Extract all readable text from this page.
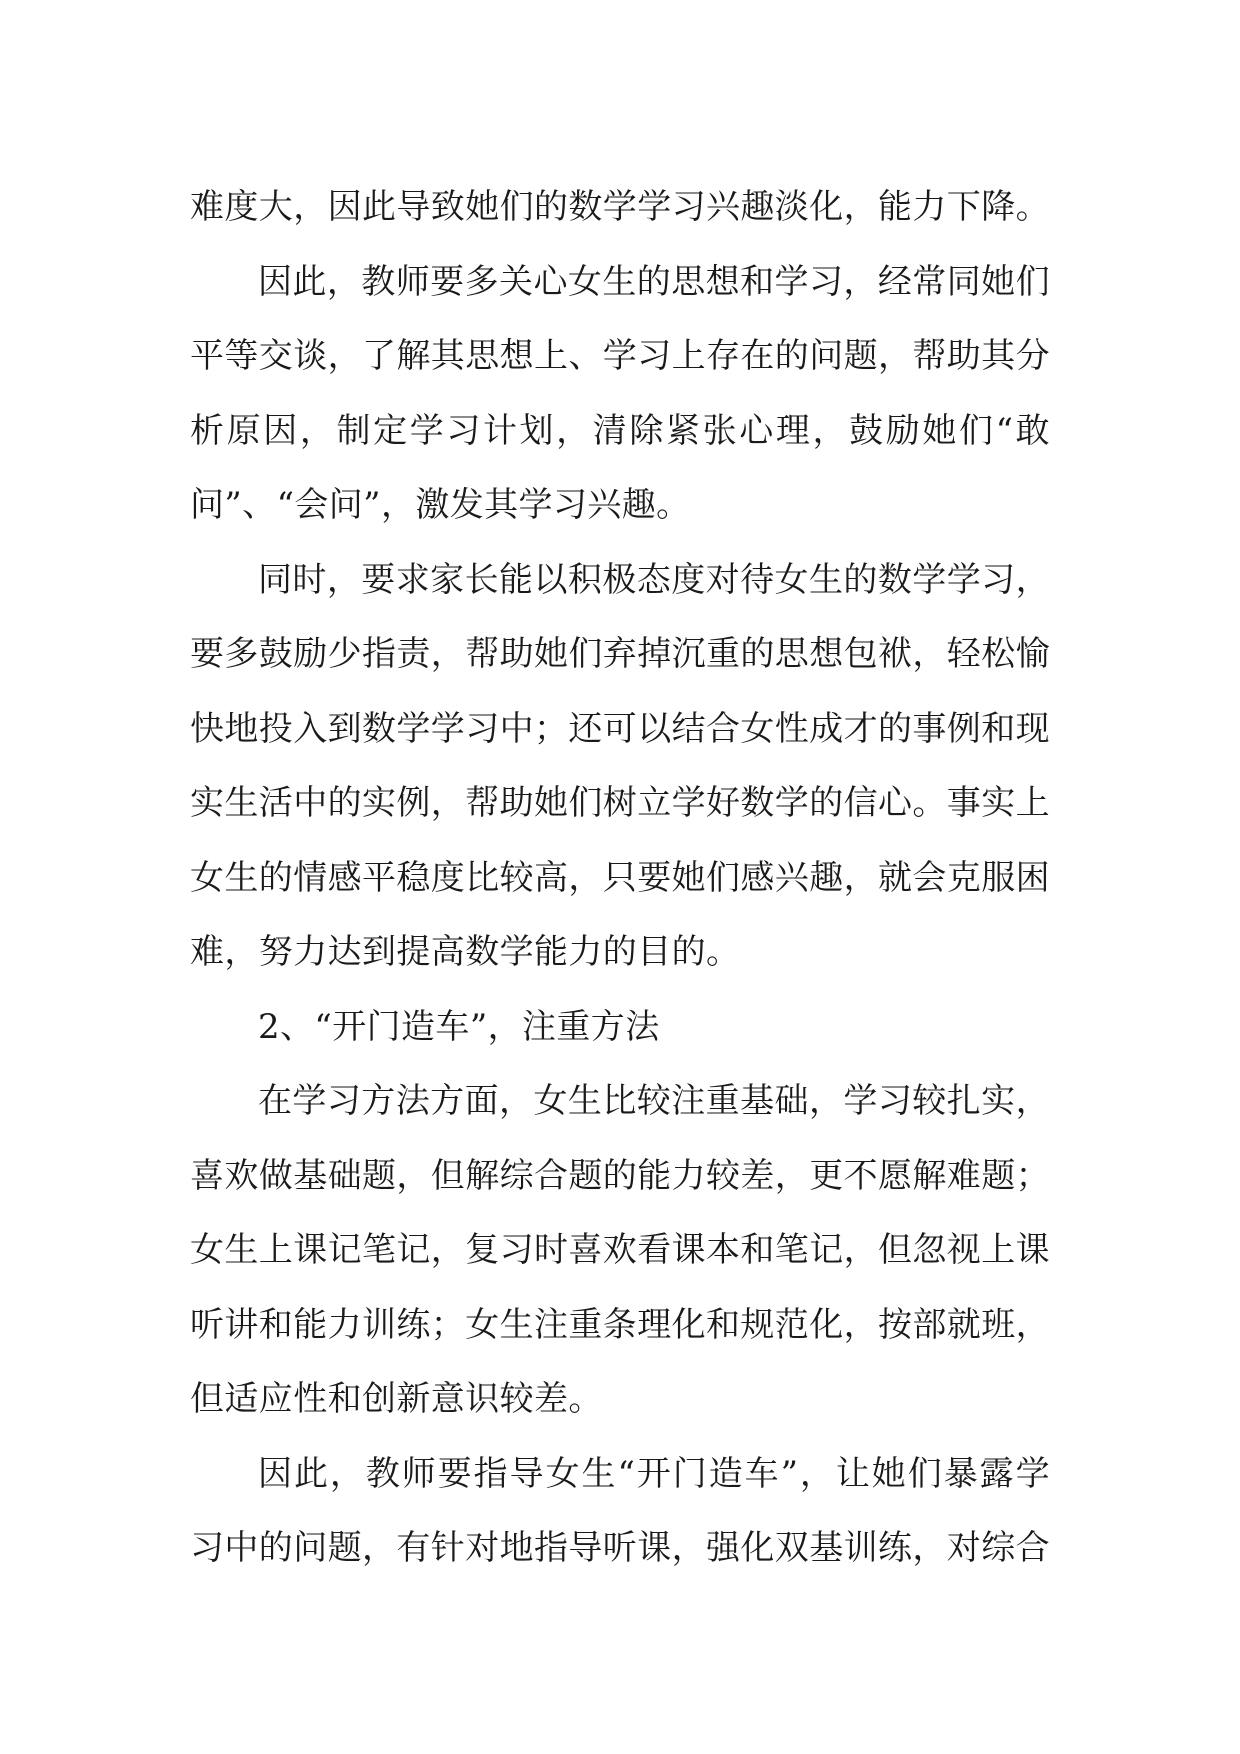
难度大，因此导致她们的数学学习兴趣淡化，能力下降。

因此，教师要多关心女生的思想和学习，经常同她们平等交谈，了解其思想上、学习上存在的问题，帮助其分析原因，制定学习计划，清除紧张心理，鼓励她们“敢问”、“会问”，激发其学习兴趣。

同时，要求家长能以积极态度对待女生的数学学习，要多鼓励少指责，帮助她们弃掉沉重的思想包袱，轻松愉快地投入到数学学习中；还可以结合女性成才的事例和现实生活中的实例，帮助她们树立学好数学的信心。事实上女生的情感平稳度比较高，只要她们感兴趣，就会克服困难，努力达到提高数学能力的目的。

2、“开门造车”，注重方法

在学习方法方面，女生比较注重基础，学习较扎实，喜欢做基础题，但解综合题的能力较差，更不愿解难题；女生上课记笔记，复习时喜欢看课本和笔记，但忽视上课听讲和能力训练；女生注重条理化和规范化，按部就班，但适应性和创新意识较差。

因此，教师要指导女生“开门造车”，让她们暴露学习中的问题，有针对地指导听课，强化双基训练，对综合
